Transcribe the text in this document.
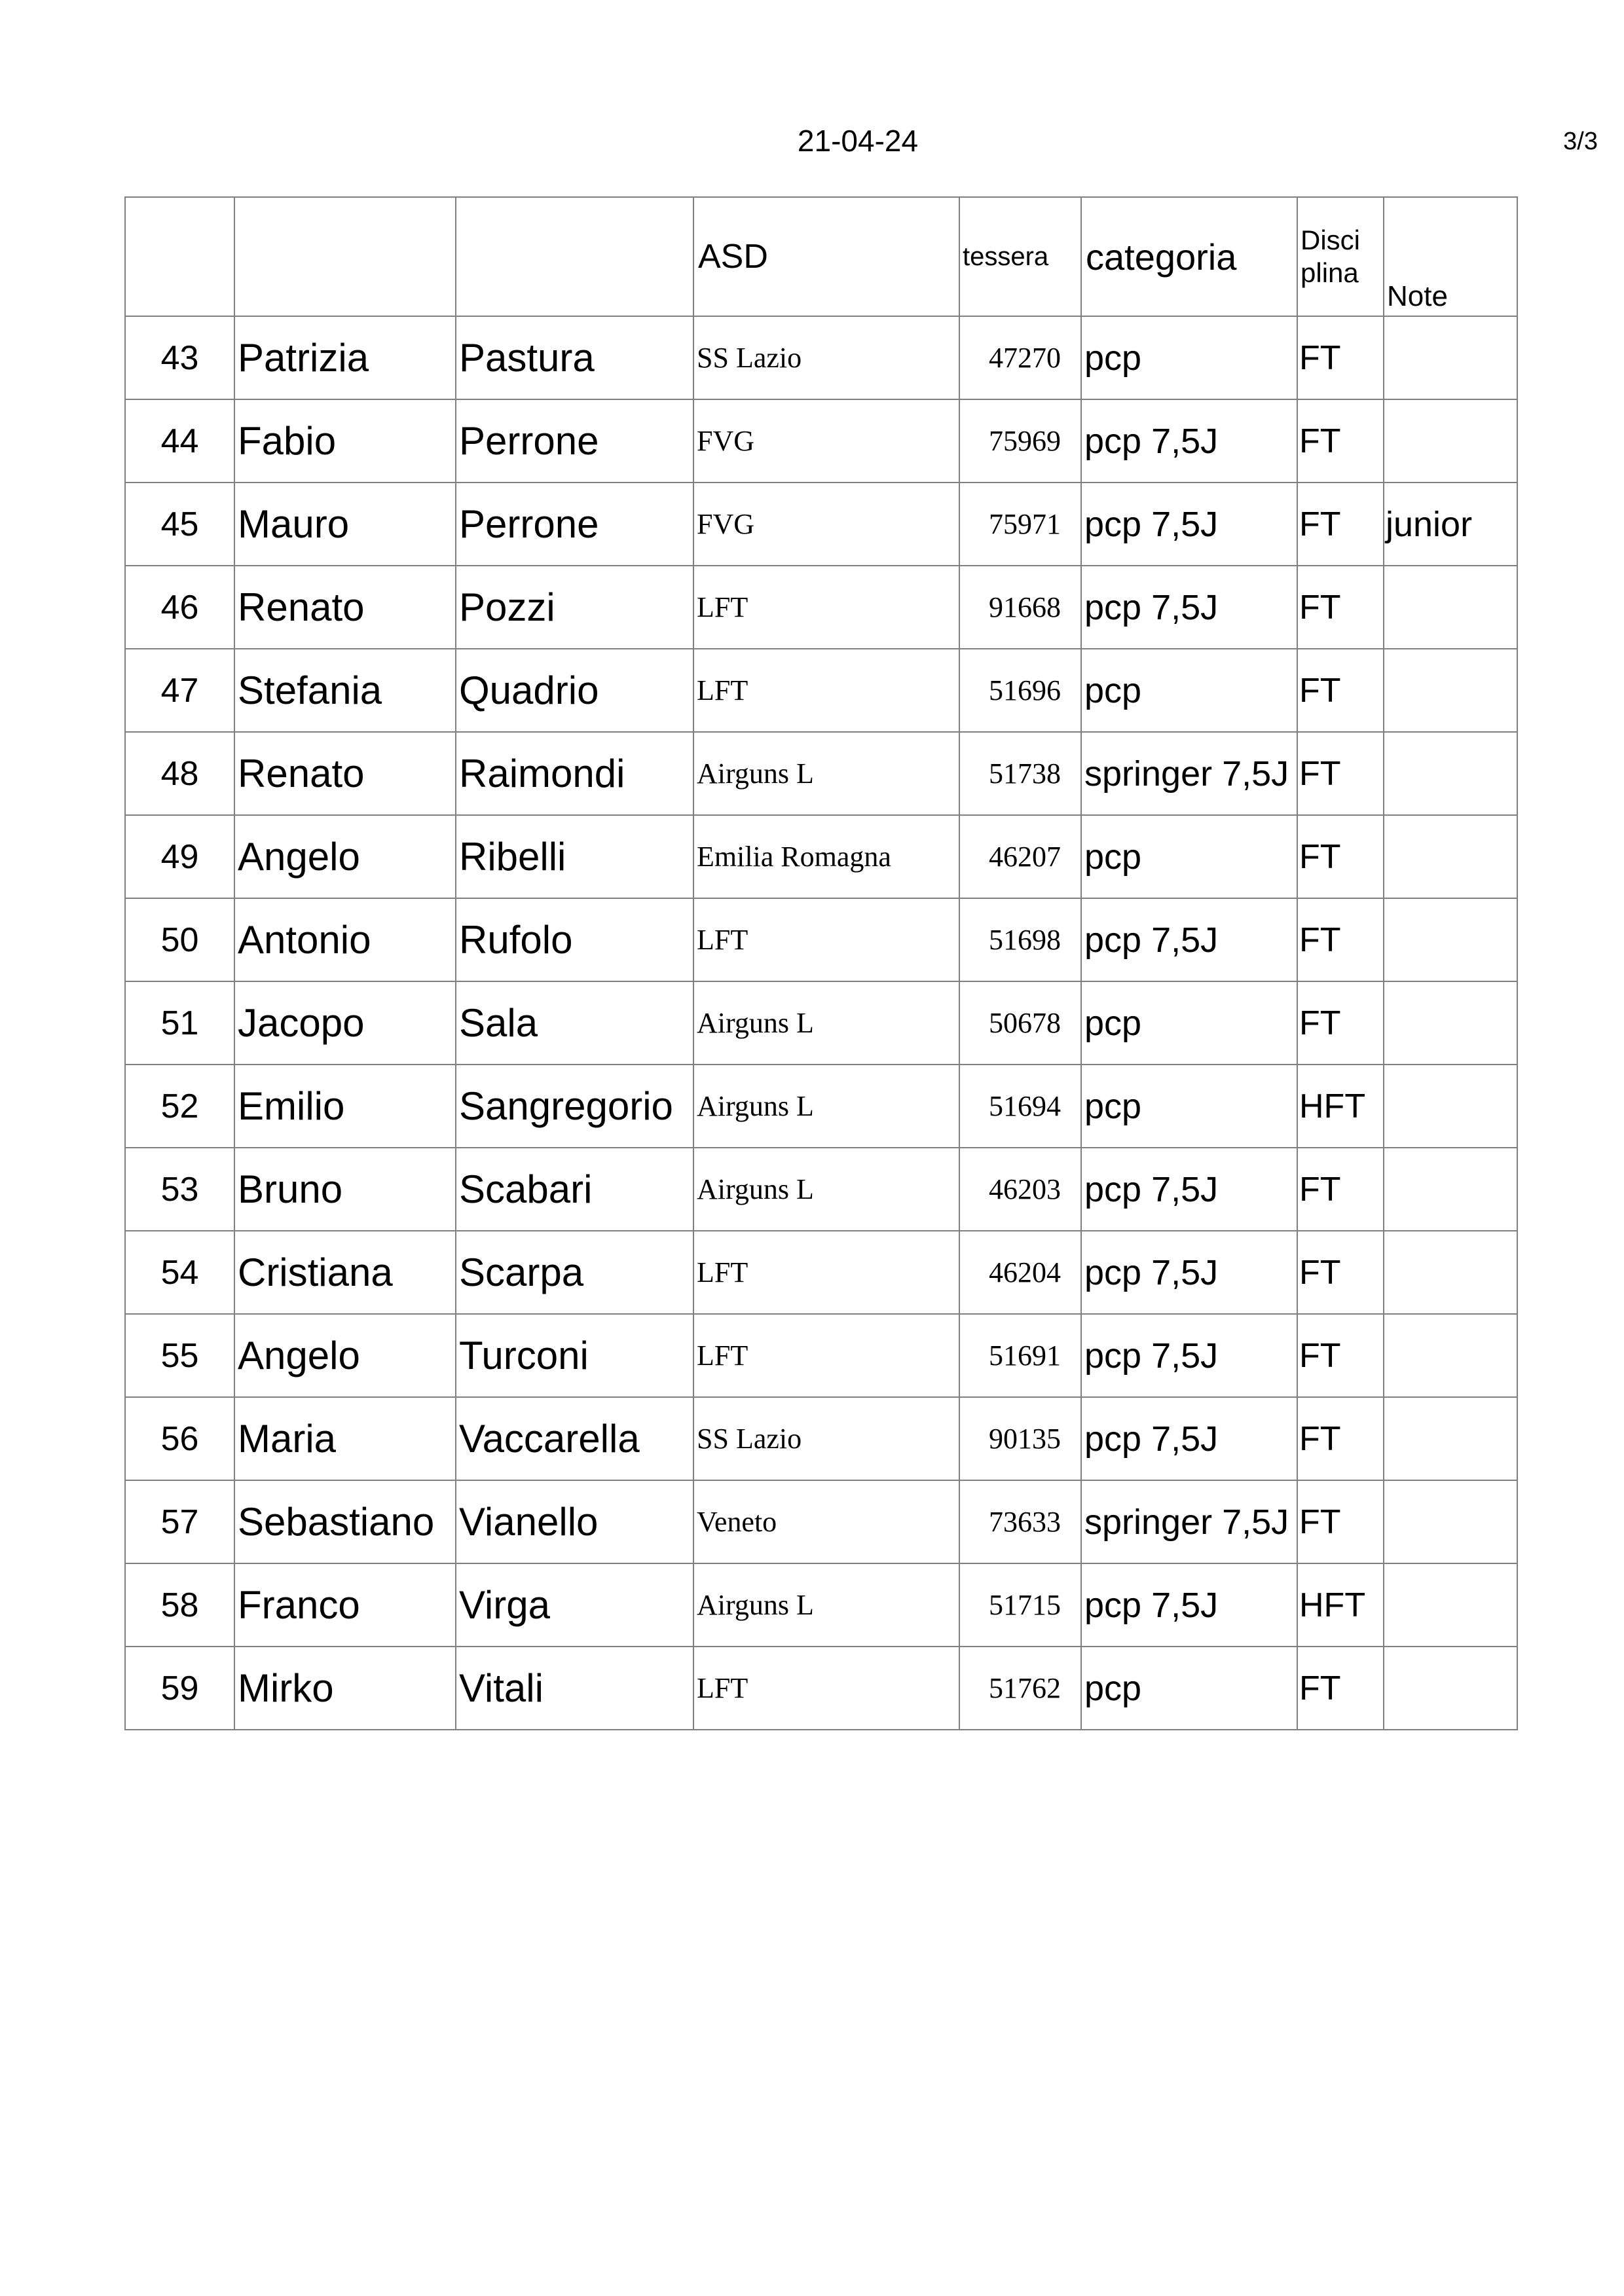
21-04-24	3/3
			ASD	tessera	categoria	Disci plina	Note
43	Patrizia	Pastura	SS Lazio	47270	pcp	FT	
44	Fabio	Perrone	FVG	75969	pcp 7,5J	FT	
45	Mauro	Perrone	FVG	75971	pcp 7,5J	FT	junior
46	Renato	Pozzi	LFT	91668	pcp 7,5J	FT	
47	Stefania	Quadrio	LFT	51696	pcp	FT	
48	Renato	Raimondi	Airguns L	51738	springer 7,5J	FT	
49	Angelo	Ribelli	Emilia Romagna	46207	pcp	FT	
50	Antonio	Rufolo	LFT	51698	pcp 7,5J	FT	
51	Jacopo	Sala	Airguns L	50678	pcp	FT	
52	Emilio	Sangregorio	Airguns L	51694	pcp	HFT	
53	Bruno	Scabari	Airguns L	46203	pcp 7,5J	FT	
54	Cristiana	Scarpa	LFT	46204	pcp 7,5J	FT	
55	Angelo	Turconi	LFT	51691	pcp 7,5J	FT	
56	Maria	Vaccarella	SS Lazio	90135	pcp 7,5J	FT	
57	Sebastiano	Vianello	Veneto	73633	springer 7,5J	FT	
58	Franco	Virga	Airguns L	51715	pcp 7,5J	HFT	
59	Mirko	Vitali	LFT	51762	pcp	FT	
